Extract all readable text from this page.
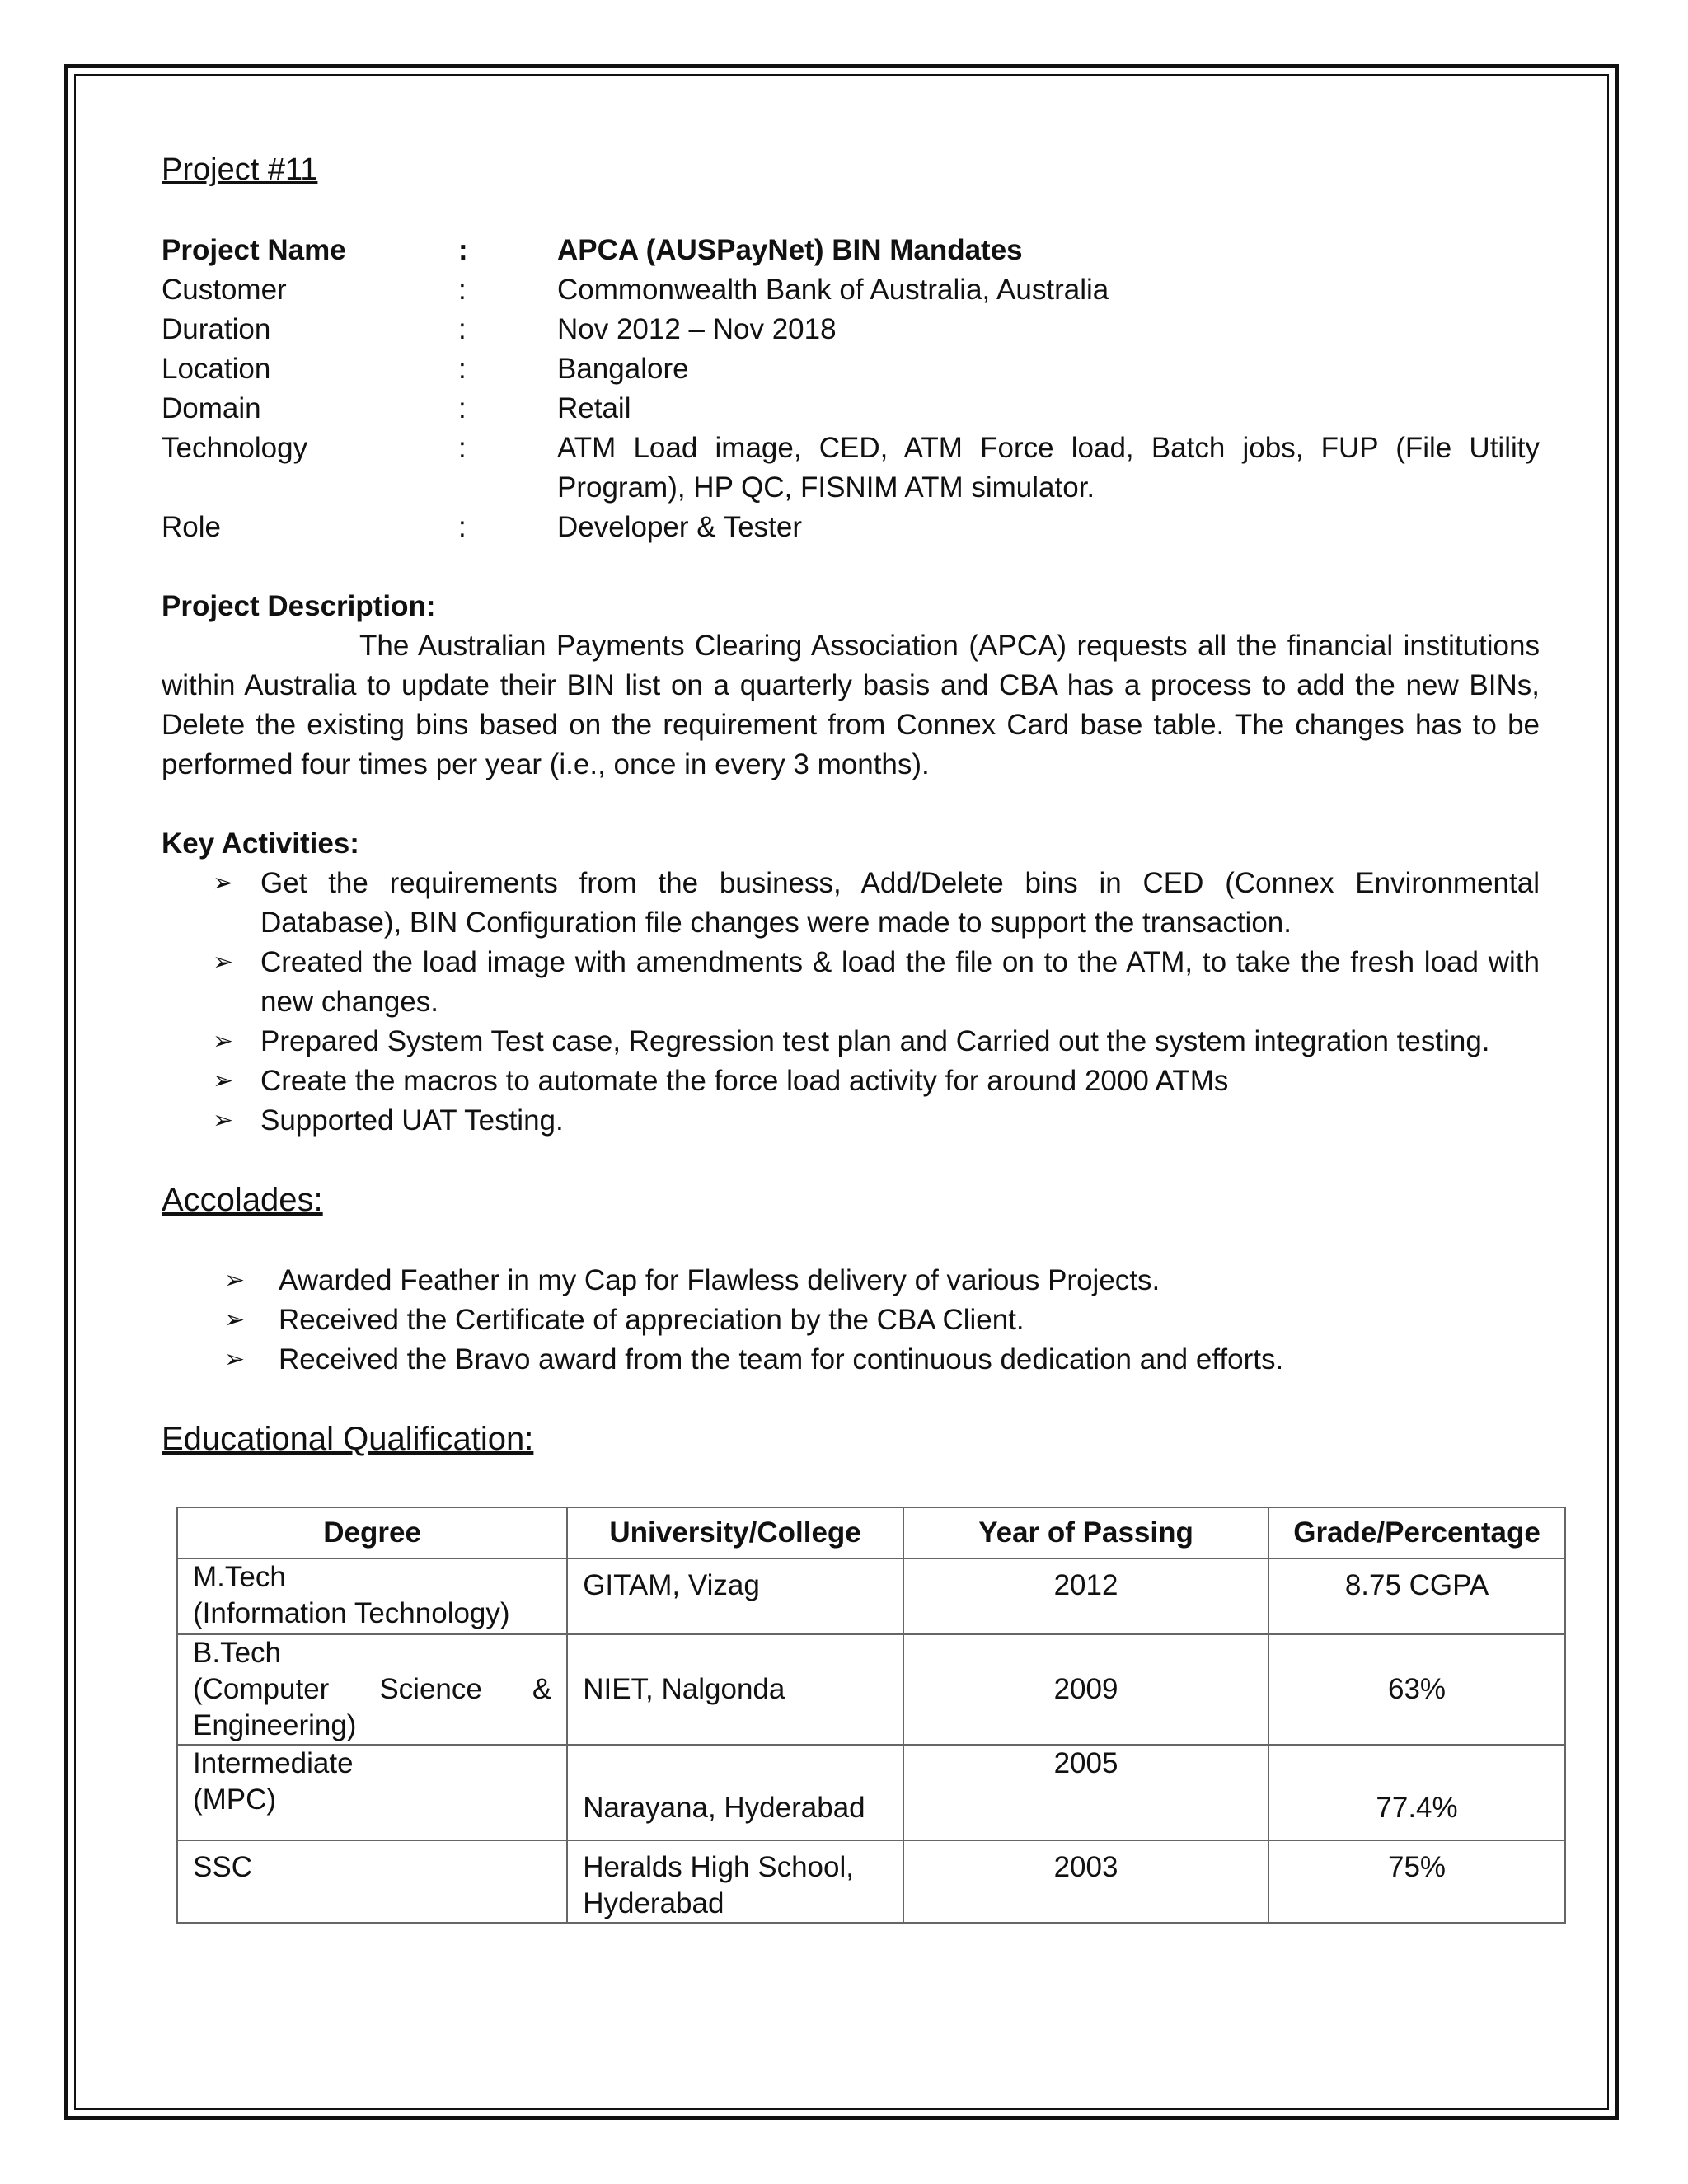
Project #11
Project Name	:	APCA (AUSPayNet) BIN Mandates
Customer	:	Commonwealth Bank of Australia, Australia
Duration	:	Nov 2012 – Nov 2018
Location	:	Bangalore
Domain	:	Retail
Technology	:	ATM Load image, CED, ATM Force load, Batch jobs, FUP (File Utility Program), HP QC, FISNIM ATM simulator.
Role	:	Developer & Tester
Project Description:
The Australian Payments Clearing Association (APCA) requests all the financial institutions within Australia to update their BIN list on a quarterly basis and CBA has a process to add the new BINs, Delete the existing bins based on the requirement from Connex Card base table. The changes has to be performed four times per year (i.e., once in every 3 months).
Key Activities:
➢ Get the requirements from the business, Add/Delete bins in CED (Connex Environmental Database), BIN Configuration file changes were made to support the transaction.
➢ Created the load image with amendments & load the file on to the ATM, to take the fresh load with new changes.
➢ Prepared System Test case, Regression test plan and Carried out the system integration testing.
➢ Create the macros to automate the force load activity for around 2000 ATMs
➢ Supported UAT Testing.
Accolades:
➢ Awarded Feather in my Cap for Flawless delivery of various Projects.
➢ Received the Certificate of appreciation by the CBA Client.
➢ Received the Bravo award from the team for continuous dedication and efforts.
Educational Qualification:
Degree	University/College	Year of Passing	Grade/Percentage

M.Tech
(Information Technology)	GITAM, Vizag	2012	8.75 CGPA

B.Tech
(Computer Science & Engineering)	NIET, Nalgonda	2009	63%

Intermediate
(MPC)	Narayana, Hyderabad	2005	77.4%
SSC	Heralds High School, Hyderabad	2003	75%
